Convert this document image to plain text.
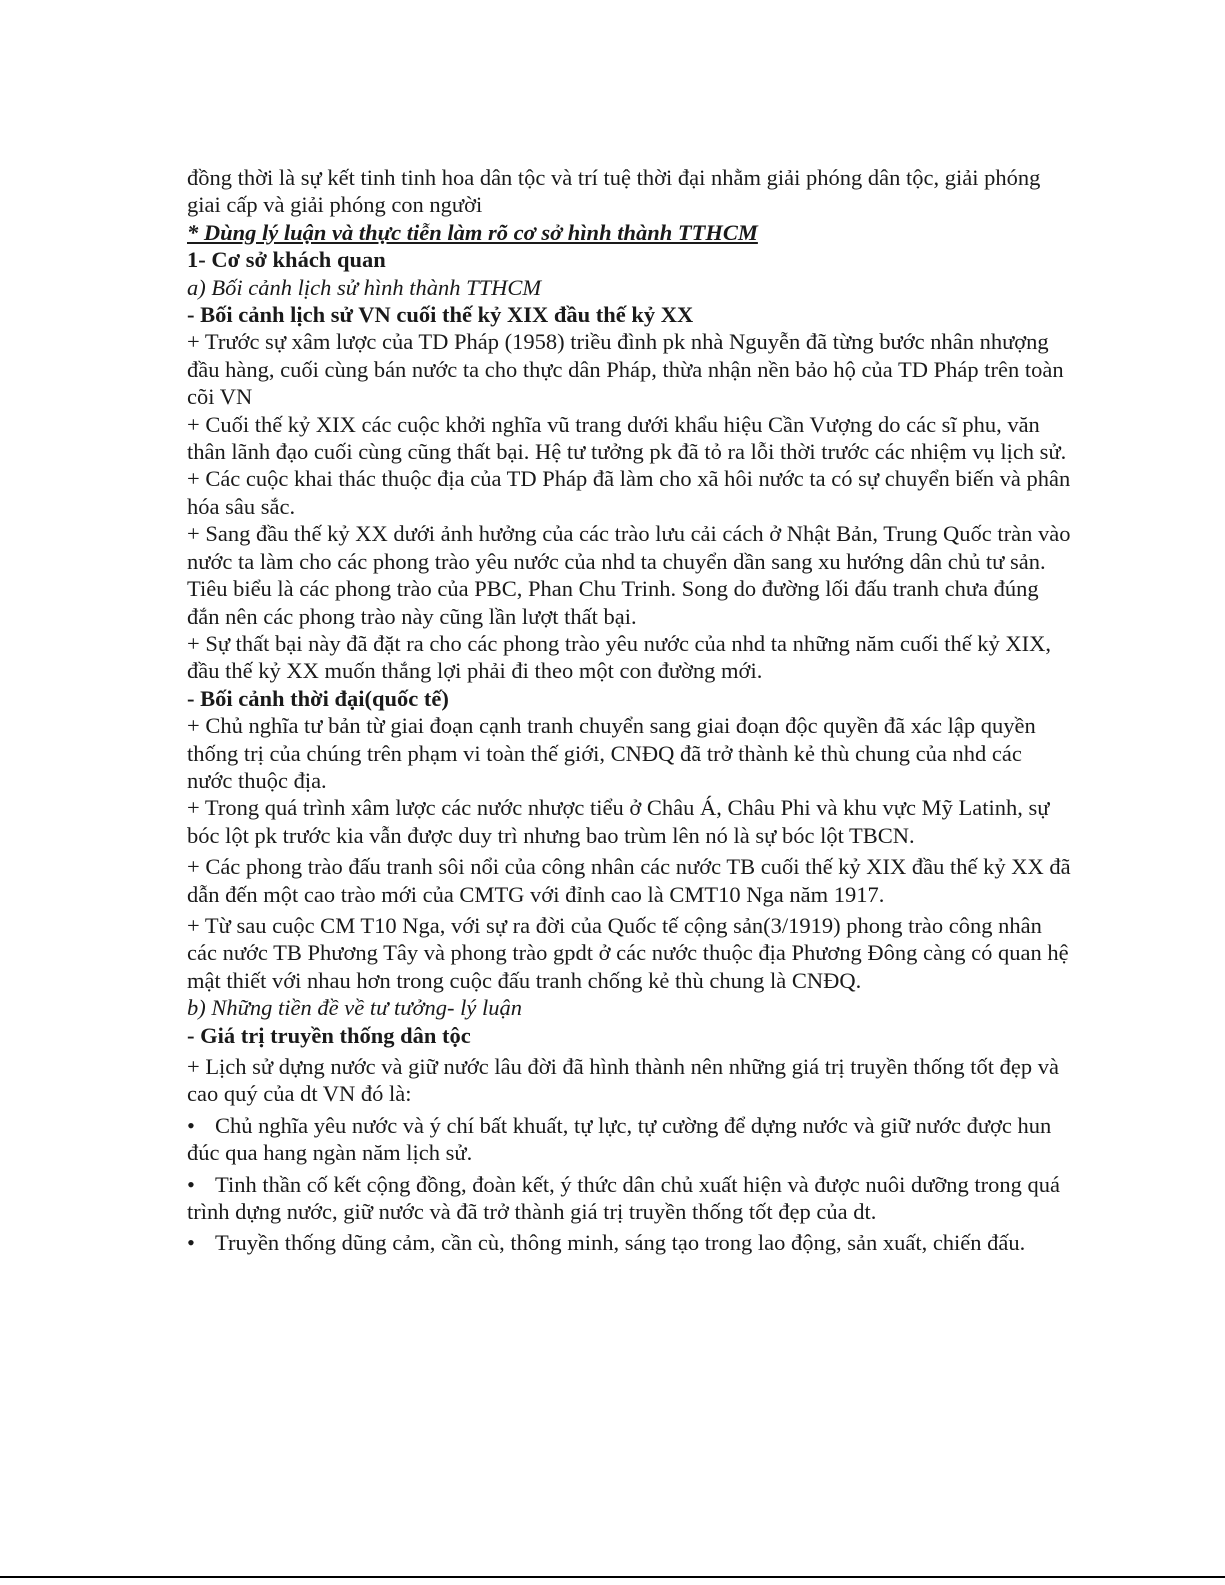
đồng thời là sự kết tinh tinh hoa dân tộc và trí tuệ thời đại nhằm giải phóng dân tộc, giải phóng giai cấp và giải phóng con người

* Dùng lý luận và thực tiễn làm rõ cơ sở hình thành TTHCM

1- Cơ sở khách quan

a) Bối cảnh lịch sử hình thành TTHCM

- Bối cảnh lịch sử VN cuối thế kỷ XIX đầu thế kỷ XX

+ Trước sự xâm lược của TD Pháp (1958) triều đình pk nhà Nguyễn đã từng bước nhân nhượng đầu hàng, cuối cùng bán nước ta cho thực dân Pháp, thừa nhận nền bảo hộ của TD Pháp trên toàn cõi VN

+ Cuối thế kỷ XIX các cuộc khởi nghĩa vũ trang dưới khẩu hiệu Cần Vượng do các sĩ phu, văn thân lãnh đạo cuối cùng cũng thất bại. Hệ tư tưởng pk đã tỏ ra lỗi thời trước các nhiệm vụ lịch sử.

+ Các cuộc khai thác thuộc địa của TD Pháp đã làm cho xã hôi nước ta có sự chuyển biến và phân hóa sâu sắc.

+ Sang đầu thế kỷ XX dưới ảnh hưởng của các trào lưu cải cách ở Nhật Bản, Trung Quốc tràn vào nước ta làm cho các phong trào yêu nước của nhd ta chuyển dần sang xu hướng dân chủ tư sản. Tiêu biểu là các phong trào của PBC, Phan Chu Trinh. Song do đường lối đấu tranh chưa đúng đắn nên các phong trào này cũng lần lượt thất bại.

+ Sự thất bại này đã đặt ra cho các phong trào yêu nước của nhd ta những năm cuối thế kỷ XIX, đầu thế kỷ XX muốn thắng lợi phải đi theo một con đường mới.

- Bối cảnh thời đại(quốc tế)

+ Chủ nghĩa tư bản từ giai đoạn cạnh tranh chuyển sang giai đoạn độc quyền đã xác lập quyền thống trị của chúng trên phạm vi toàn thế giới, CNĐQ đã trở thành kẻ thù chung của nhd các nước thuộc địa.

+ Trong quá trình xâm lược các nước nhược tiểu ở Châu Á, Châu Phi và khu vực Mỹ Latinh, sự bóc lột pk trước kia vẫn được duy trì nhưng bao trùm lên nó là sự bóc lột TBCN.

+ Các phong trào đấu tranh sôi nổi của công nhân các nước TB cuối thế kỷ XIX đầu thế kỷ XX đã dẫn đến một cao trào mới của CMTG với đỉnh cao là CMT10 Nga năm 1917.

+ Từ sau cuộc CM T10 Nga, với sự ra đời của Quốc tế cộng sản(3/1919) phong trào công nhân các nước TB Phương Tây và phong trào gpdt ở các nước thuộc địa Phương Đông càng có quan hệ mật thiết với nhau hơn trong cuộc đấu tranh chống kẻ thù chung là CNĐQ.

b) Những tiền đề về tư tưởng- lý luận

- Giá trị truyền thống dân tộc

+ Lịch sử dựng nước và giữ nước lâu đời đã hình thành nên những giá trị truyền thống tốt đẹp và cao quý của dt VN đó là:

• Chủ nghĩa yêu nước và ý chí bất khuất, tự lực, tự cường để dựng nước và giữ nước được hun đúc qua hang ngàn năm lịch sử.

• Tinh thần cố kết cộng đồng, đoàn kết, ý thức dân chủ xuất hiện và được nuôi dưỡng trong quá trình dựng nước, giữ nước và đã trở thành giá trị truyền thống tốt đẹp của dt.

• Truyền thống dũng cảm, cần cù, thông minh, sáng tạo trong lao động, sản xuất, chiến đấu.
